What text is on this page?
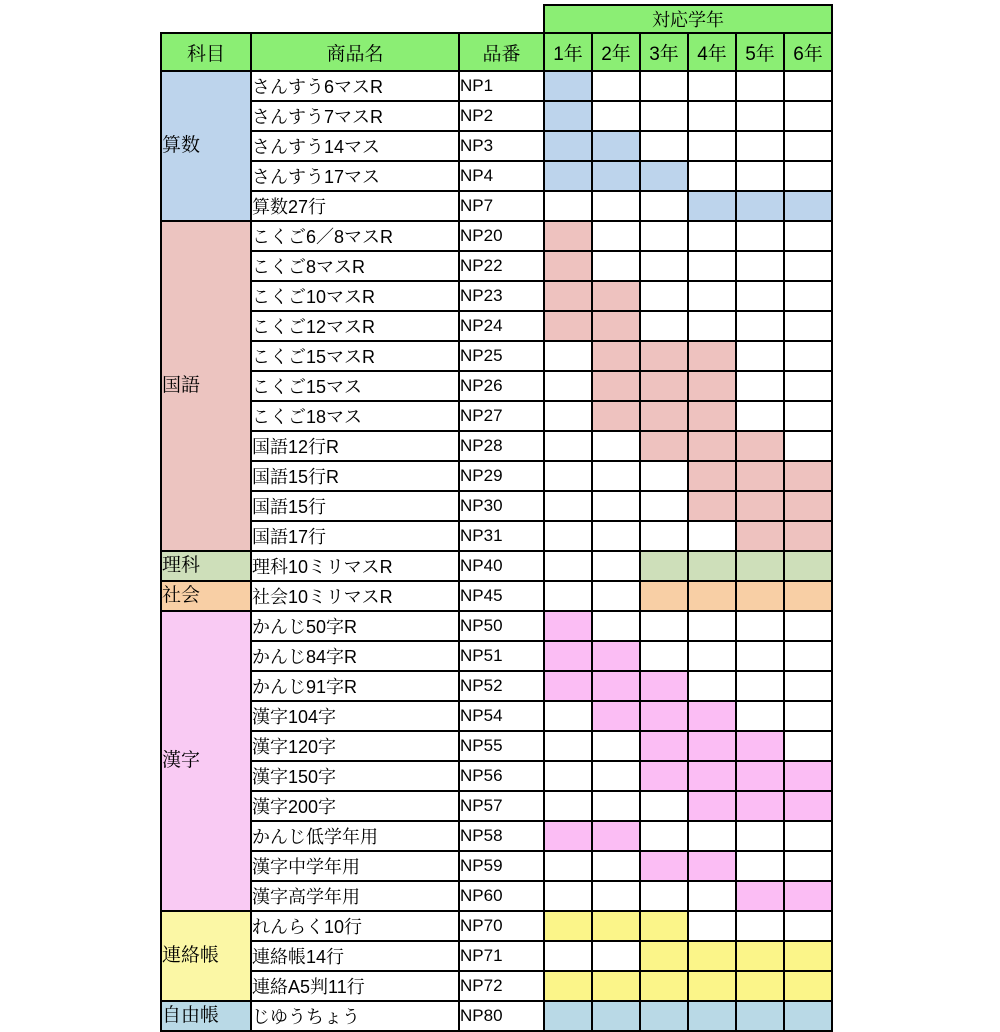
			対応学年					
科目	商品名	品番	1年	2年	3年	4年	5年	6年
算数	さんすう6マスR	NP1						
	さんすう7マスR	NP2						
	さんすう14マス	NP3						
	さんすう17マス	NP4						
	算数27行	NP7						
国語	こくご6／8マスR	NP20						
	こくご8マスR	NP22						
	こくご10マスR	NP23						
	こくご12マスR	NP24						
	こくご15マスR	NP25						
	こくご15マス	NP26						
	こくご18マス	NP27						
	国語12行R	NP28						
	国語15行R	NP29						
	国語15行	NP30						
	国語17行	NP31						
理科	理科10ミリマスR	NP40						
社会	社会10ミリマスR	NP45						
漢字	かんじ50字R	NP50						
	かんじ84字R	NP51						
	かんじ91字R	NP52						
	漢字104字	NP54						
	漢字120字	NP55						
	漢字150字	NP56						
	漢字200字	NP57						
	かんじ低学年用	NP58						
	漢字中学年用	NP59						
	漢字高学年用	NP60						
連絡帳	れんらく10行	NP70						
	連絡帳14行	NP71						
	連絡A5判11行	NP72						
自由帳	じゆうちょう	NP80						
